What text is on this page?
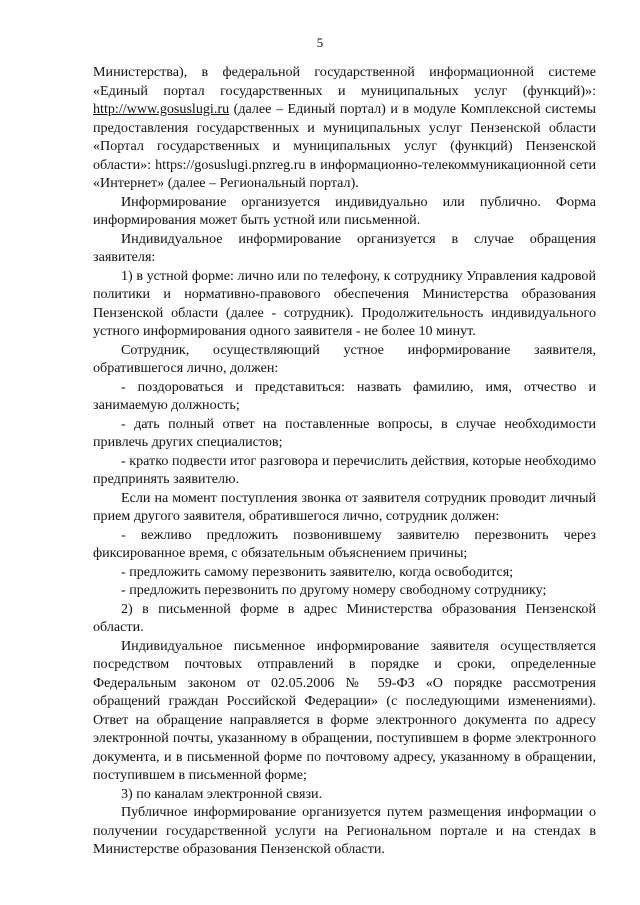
5

Министерства), в федеральной государственной информационной системе «Единый портал государственных и муниципальных услуг (функций)»: http://www.gosuslugi.ru (далее – Единый портал) и в модуле Комплексной системы предоставления государственных и муниципальных услуг Пензенской области «Портал государственных и муниципальных услуг (функций) Пензенской области»: https://gosuslugi.pnzreg.ru в информационно-телекоммуникационной сети «Интернет» (далее – Региональный портал).

Информирование организуется индивидуально или публично. Форма информирования может быть устной или письменной.

Индивидуальное информирование организуется в случае обращения заявителя:

1) в устной форме: лично или по телефону, к сотруднику Управления кадровой политики и нормативно-правового обеспечения Министерства образования Пензенской области (далее - сотрудник). Продолжительность индивидуального устного информирования одного заявителя - не более 10 минут.

Сотрудник, осуществляющий устное информирование заявителя, обратившегося лично, должен:

- поздороваться и представиться: назвать фамилию, имя, отчество и занимаемую должность;

- дать полный ответ на поставленные вопросы, в случае необходимости привлечь других специалистов;

- кратко подвести итог разговора и перечислить действия, которые необходимо предпринять заявителю.

Если на момент поступления звонка от заявителя сотрудник проводит личный прием другого заявителя, обратившегося лично, сотрудник должен:

- вежливо предложить позвонившему заявителю перезвонить через фиксированное время, с обязательным объяснением причины;

- предложить самому перезвонить заявителю, когда освободится;

- предложить перезвонить по другому номеру свободному сотруднику;

2) в письменной форме в адрес Министерства образования Пензенской области.

Индивидуальное письменное информирование заявителя осуществляется посредством почтовых отправлений в порядке и сроки, определенные Федеральным законом от 02.05.2006 № 59-ФЗ «О порядке рассмотрения обращений граждан Российской Федерации» (с последующими изменениями). Ответ на обращение направляется в форме электронного документа по адресу электронной почты, указанному в обращении, поступившем в форме электронного документа, и в письменной форме по почтовому адресу, указанному в обращении, поступившем в письменной форме;

3) по каналам электронной связи.

Публичное информирование организуется путем размещения информации о получении государственной услуги на Региональном портале и на стендах в Министерстве образования Пензенской области.
